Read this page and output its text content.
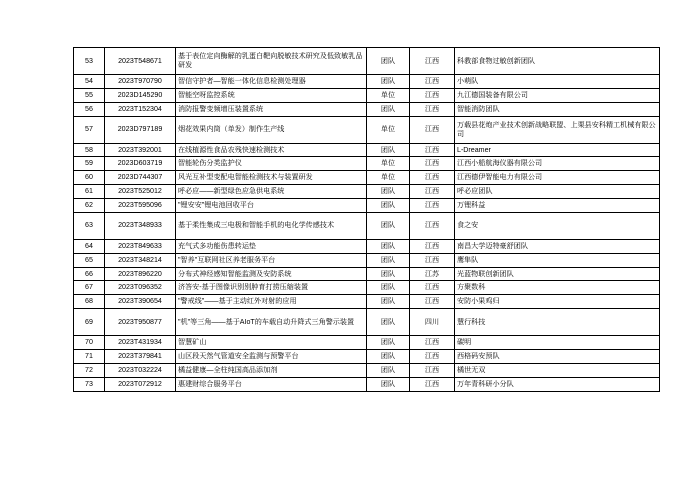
53	2023T548671	基于表位定向酶解的乳蛋白靶向脱敏技术研究及低致敏乳品研发	团队	江西	科教部食物过敏创新团队
54	2023T970790	智信守护者—智能一体化信息检测处理器	团队	江西	小萌队
55	2023D145290	智能空呀监控系统	单位	江西	九江德国装备有限公司
56	2023T152304	消防报警变频增压装置系统	团队	江西	智能消防团队
57	2023D797189	烟花效果内筒（单发）制作生产线	单位	江西	万载县花炮产业技术创新战略联盟、上栗县安科精工机械有限公司
58	2023T392001	在线植源性食品农残快速检测技术	团队	江西	L-Dreamer
59	2023D603719	智能轮伤分类监护仪	单位	江西	江西小船航海仪器有限公司
60	2023D744307	风光互补型变配电智能检测技术与装置研发	单位	江西	江西德伊智能电力有限公司
61	2023T525012	呼必应——新型绿色应急供电系统	团队	江西	呼必应团队
62	2023T595096	"锂安安"锂电池回收平台	团队	江西	万锂科益
63	2023T348933	基于柔性集成三电极和智能手机的电化学传感技术	团队	江西	食之安
64	2023T849633	充气式多功能伤患转运垫	团队	江西	南昌大学迈特豪舒团队
65	2023T348214	"智养"互联网社区养老服务平台	团队	江西	鹰隼队
66	2023T896220	分布式神经感知智能监测及安防系统	团队	江苏	光蓝物联创新团队
67	2023T096352	济答安-基于图像识别别肿育打捞压缩装置	团队	江西	方聚数科
68	2023T390654	"警戒线"——基于主动红外对射的应用	团队	江西	安防小果鸡归
69	2023T950877	"机"等三角——基于AIoT的车载自动升降式三角警示装置	团队	四川	慧行科技
70	2023T431934	智慧矿山	团队	江西	碳明
71	2023T379841	山区段天然气管道安全监测与预警平台	团队	江西	西格码安预队
72	2023T032224	橘益健康—全柱纯国高品添加剂	团队	江西	橘世无双
73	2023T072912	惠建财综合服务平台	团队	江西	万年青科研小分队
